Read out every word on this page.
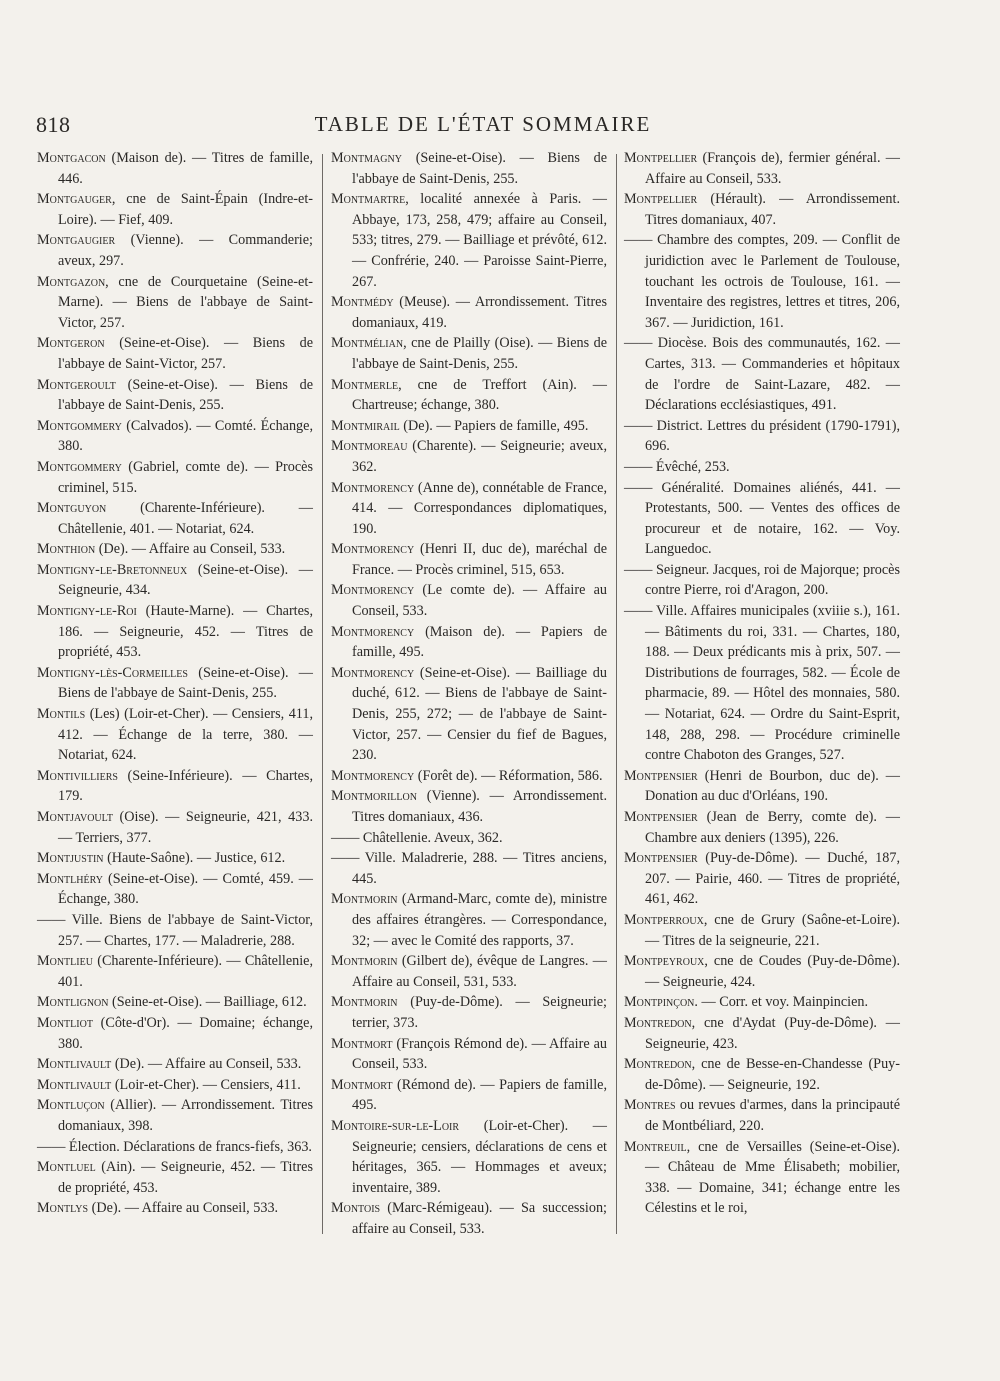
818	TABLE DE L'ÉTAT SOMMAIRE

Montgacon (Maison de). — Titres de famille, 446.

Montgauger, cne de Saint-Épain (Indre-et-Loire). — Fief, 409.

Montgaugier (Vienne). — Commanderie; aveux, 297.

Montgazon, cne de Courquetaine (Seine-et-Marne). — Biens de l'abbaye de Saint-Victor, 257.

Montgeron (Seine-et-Oise). — Biens de l'abbaye de Saint-Victor, 257.

Montgeroult (Seine-et-Oise). — Biens de l'abbaye de Saint-Denis, 255.

Montgommery (Calvados). — Comté. Échange, 380.

Montgommery (Gabriel, comte de). — Procès criminel, 515.

Montguyon (Charente-Inférieure). — Châtellenie, 401. — Notariat, 624.

Monthion (De). — Affaire au Conseil, 533.

Montigny-le-Bretonneux (Seine-et-Oise). — Seigneurie, 434.

Montigny-le-Roi (Haute-Marne). — Chartes, 186. — Seigneurie, 452. — Titres de propriété, 453.

Montigny-lès-Cormeilles (Seine-et-Oise). — Biens de l'abbaye de Saint-Denis, 255.

Montils (Les) (Loir-et-Cher). — Censiers, 411, 412. — Échange de la terre, 380. — Notariat, 624.

Montivilliers (Seine-Inférieure). — Chartes, 179.

Montjavoult (Oise). — Seigneurie, 421, 433. — Terriers, 377.

Montjustin (Haute-Saône). — Justice, 612.

Montlhéry (Seine-et-Oise). — Comté, 459. — Échange, 380.

—— Ville. Biens de l'abbaye de Saint-Victor, 257. — Chartes, 177. — Maladrerie, 288.

Montlieu (Charente-Inférieure). — Châtellenie, 401.

Montlignon (Seine-et-Oise). — Bailliage, 612.

Montliot (Côte-d'Or). — Domaine; échange, 380.

Montlivault (De). — Affaire au Conseil, 533.

Montlivault (Loir-et-Cher). — Censiers, 411.

Montluçon (Allier). — Arrondissement. Titres domaniaux, 398.

—— Élection. Déclarations de francs-fiefs, 363.

Montluel (Ain). — Seigneurie, 452. — Titres de propriété, 453.

Montlys (De). — Affaire au Conseil, 533.

Montmagny (Seine-et-Oise). — Biens de l'abbaye de Saint-Denis, 255.

Montmartre, localité annexée à Paris. — Abbaye, 173, 258, 479; affaire au Conseil, 533; titres, 279. — Bailliage et prévôté, 612. — Confrérie, 240. — Paroisse Saint-Pierre, 267.

Montmédy (Meuse). — Arrondissement. Titres domaniaux, 419.

Montmélian, cne de Plailly (Oise). — Biens de l'abbaye de Saint-Denis, 255.

Montmerle, cne de Treffort (Ain). — Chartreuse; échange, 380.

Montmirail (De). — Papiers de famille, 495.

Montmoreau (Charente). — Seigneurie; aveux, 362.

Montmorency (Anne de), connétable de France, 414. — Correspondances diplomatiques, 190.

Montmorency (Henri II, duc de), maréchal de France. — Procès criminel, 515, 653.

Montmorency (Le comte de). — Affaire au Conseil, 533.

Montmorency (Maison de). — Papiers de famille, 495.

Montmorency (Seine-et-Oise). — Bailliage du duché, 612. — Biens de l'abbaye de Saint-Denis, 255, 272; — de l'abbaye de Saint-Victor, 257. — Censier du fief de Bagues, 230.

Montmorency (Forêt de). — Réformation, 586.

Montmorillon (Vienne). — Arrondissement. Titres domaniaux, 436.

—— Châtellenie. Aveux, 362.

—— Ville. Maladrerie, 288. — Titres anciens, 445.

Montmorin (Armand-Marc, comte de), ministre des affaires étrangères. — Correspondance, 32; — avec le Comité des rapports, 37.

Montmorin (Gilbert de), évêque de Langres. — Affaire au Conseil, 531, 533.

Montmorin (Puy-de-Dôme). — Seigneurie; terrier, 373.

Montmort (François Rémond de). — Affaire au Conseil, 533.

Montmort (Rémond de). — Papiers de famille, 495.

Montoire-sur-le-Loir (Loir-et-Cher). — Seigneurie; censiers, déclarations de cens et héritages, 365. — Hommages et aveux; inventaire, 389.

Montois (Marc-Rémigeau). — Sa succession; affaire au Conseil, 533.

Montpellier (François de), fermier général. — Affaire au Conseil, 533.

Montpellier (Hérault). — Arrondissement. Titres domaniaux, 407.

—— Chambre des comptes, 209. — Conflit de juridiction avec le Parlement de Toulouse, touchant les octrois de Toulouse, 161. — Inventaire des registres, lettres et titres, 206, 367. — Juridiction, 161.

—— Diocèse. Bois des communautés, 162. — Cartes, 313. — Commanderies et hôpitaux de l'ordre de Saint-Lazare, 482. — Déclarations ecclésiastiques, 491.

—— District. Lettres du président (1790-1791), 696.

—— Évêché, 253.

—— Généralité. Domaines aliénés, 441. — Protestants, 500. — Ventes des offices de procureur et de notaire, 162. — Voy. Languedoc.

—— Seigneur. Jacques, roi de Majorque; procès contre Pierre, roi d'Aragon, 200.

—— Ville. Affaires municipales (xviiie s.), 161. — Bâtiments du roi, 331. — Chartes, 180, 188. — Deux prédicants mis à prix, 507. — Distributions de fourrages, 582. — École de pharmacie, 89. — Hôtel des monnaies, 580. — Notariat, 624. — Ordre du Saint-Esprit, 148, 288, 298. — Procédure criminelle contre Chaboton des Granges, 527.

Montpensier (Henri de Bourbon, duc de). — Donation au duc d'Orléans, 190.

Montpensier (Jean de Berry, comte de). — Chambre aux deniers (1395), 226.

Montpensier (Puy-de-Dôme). — Duché, 187, 207. — Pairie, 460. — Titres de propriété, 461, 462.

Montperroux, cne de Grury (Saône-et-Loire). — Titres de la seigneurie, 221.

Montpeyroux, cne de Coudes (Puy-de-Dôme). — Seigneurie, 424.

Montpinçon. — Corr. et voy. Mainpincien.

Montredon, cne d'Aydat (Puy-de-Dôme). — Seigneurie, 423.

Montredon, cne de Besse-en-Chandesse (Puy-de-Dôme). — Seigneurie, 192.

Montres ou revues d'armes, dans la principauté de Montbéliard, 220.

Montreuil, cne de Versailles (Seine-et-Oise). — Château de Mme Élisabeth; mobilier, 338. — Domaine, 341; échange entre les Célestins et le roi,
